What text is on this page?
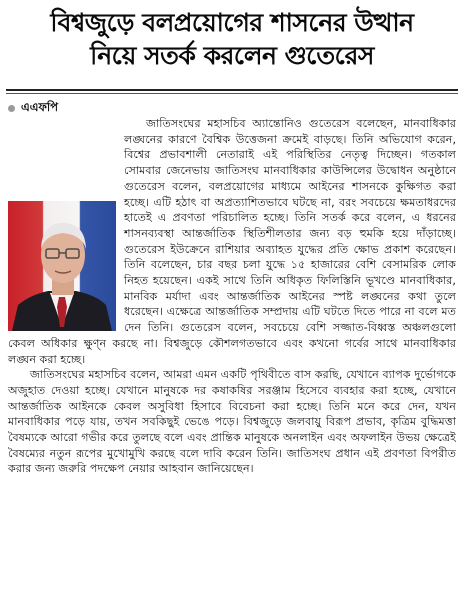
বিশ্বজুড়ে বলপ্রয়োগের শাসনের উত্থান
নিয়ে সতর্ক করলেন গুতেরেস
এএফপি

জাতিসংঘের মহাসচিব অ্যান্তোনিও গুতেরেস বলেছেন, মানবাধিকার লঙ্ঘনের কারণে বৈশ্বিক উত্তেজনা ক্রমেই বাড়ছে। তিনি অভিযোগ করেন, বিশ্বের প্রভাবশালী নেতারাই এই পরিস্থিতির নেতৃত্ব দিচ্ছেন। গতকাল সোমবার জেনেভায় জাতিসংঘ মানবাধিকার কাউন্সিলের উদ্বোধন অনুষ্ঠানে গুতেরেস বলেন, বলপ্রয়োগের মাধ্যমে আইনের শাসনকে কুক্ষিগত করা হচ্ছে। এটি হঠাৎ বা অপ্রত্যাশিতভাবে ঘটছে না, বরং সবচেয়ে ক্ষমতাধরদের হাতেই এ প্রবণতা পরিচালিত হচ্ছে। তিনি সতর্ক করে বলেন, এ ধরনের শাসনব্যবস্থা আন্তর্জাতিক স্থিতিশীলতার জন্য বড় হুমকি হয়ে দাঁড়াচ্ছে। গুতেরেস ইউক্রেনে রাশিয়ার অব্যাহত যুদ্ধের প্রতি ক্ষোভ প্রকাশ করেছেন। তিনি বলেছেন, চার বছর চলা যুদ্ধে ১৫ হাজারের বেশি বেসামরিক লোক নিহত হয়েছেন। একই সাথে তিনি অধিকৃত ফিলিস্তিনি ভূখণ্ডে মানবাধিকার, মানবিক মর্যাদা এবং আন্তর্জাতিক আইনের স্পষ্ট লঙ্ঘনের কথা তুলে ধরেছেন। এক্ষেত্রে আন্তর্জাতিক সম্প্রদায় এটি ঘটতে দিতে পারে না বলে মত দেন তিনি। গুতেরেস বলেন, সবচেয়ে বেশি সজ্জাত-বিধ্বস্ত অঞ্চলগুলো কেবল অধিকার ক্ষুণ্ন করছে না। বিশ্বজুড়ে কৌশলগতভাবে এবং কখনো গর্বের সাথে মানবাধিকার লঙ্ঘন করা হচ্ছে।

জাতিসংঘের মহাসচিব বলেন, আমরা এমন একটি পৃথিবীতে বাস করছি, যেখানে ব্যাপক দুর্ভোগকে অজুহাত দেওয়া হচ্ছে। যেখানে মানুষকে দর কষাকষির সরঞ্জাম হিসেবে ব্যবহার করা হচ্ছে, যেখানে আন্তর্জাতিক আইনকে কেবল অসুবিধা হিসাবে বিবেচনা করা হচ্ছে। তিনি মনে করে দেন, যখন মানবাধিকার পড়ে যায়, তখন সবকিছুই ভেঙে পড়ে। বিশ্বজুড়ে জলবায়ু বিরূপ প্রভাব, কৃত্রিম বুদ্ধিমত্তা বৈষম্যকে আরো গভীর করে তুলছে বলে এবং প্রান্তিক মানুষকে অনলাইন এবং অফলাইন উভয় ক্ষেত্রেই বৈষম্যের নতুন রূপের মুখোমুখি করছে বলে দাবি করেন তিনি। জাতিসংঘ প্রধান এই প্রবণতা বিপরীত করার জন্য জরুরি পদক্ষেপ নেয়ার আহবান জানিয়েছেন।
